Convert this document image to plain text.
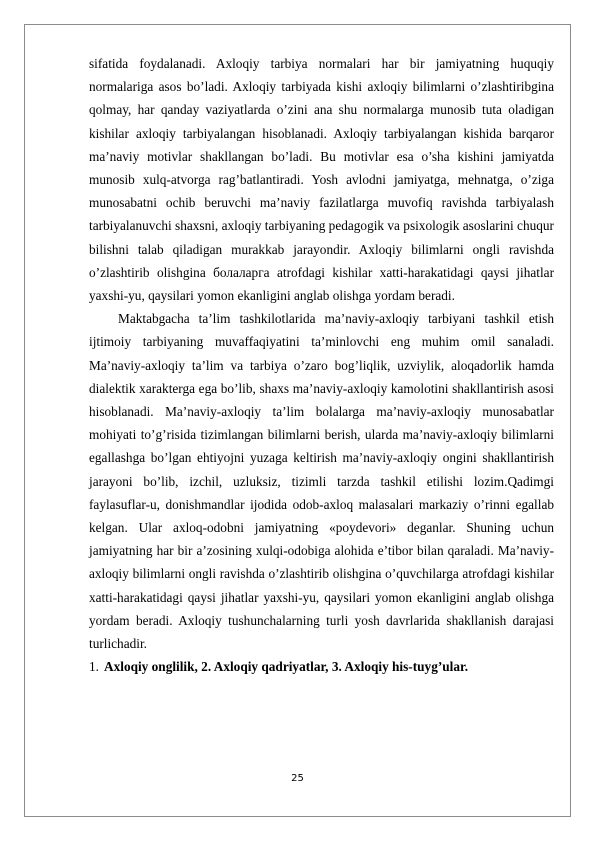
sifatida foydalanadi. Axloqiy tarbiya normalari har bir jamiyatning huquqiy normalariga asos bo’ladi. Axloqiy tarbiyada kishi axloqiy bilimlarni o’zlashtiribgina qolmay, har qanday vaziyatlarda o’zini ana shu normalarga munosib tuta oladigan kishilar axloqiy tarbiyalangan hisoblanadi. Axloqiy tarbiyalangan kishida barqaror ma’naviy motivlar shakllangan bo’ladi. Bu motivlar esa o’sha kishini jamiyatda munosib xulq-atvorga rag’batlantiradi. Yosh avlodni jamiyatga, mehnatga, o’ziga munosabatni ochib beruvchi ma’naviy fazilatlarga muvofiq ravishda tarbiyalash tarbiyalanuvchi shaxsni, axloqiy tarbiyaning pedagogik va psixologik asoslarini chuqur bilishni talab qiladigan murakkab jarayondir. Axloqiy bilimlarni ongli ravishda o’zlashtirib olishgina болаларга atrofdagi kishilar xatti-harakatidagi qaysi jihatlar yaxshi-yu, qaysilari yomon ekanligini anglab olishga yordam beradi.

Maktabgacha ta’lim tashkilotlarida ma’naviy-axloqiy tarbiyani tashkil etish ijtimoiy tarbiyaning muvaffaqiyatini ta’minlovchi eng muhim omil sanaladi. Ma’naviy-axloqiy ta’lim va tarbiya o’zaro bog’liqlik, uzviylik, aloqadorlik hamda dialektik xarakterga ega bo’lib, shaxs ma’naviy-axloqiy kamolotini shakllantirish asosi hisoblanadi. Ma’naviy-axloqiy ta’lim bolalarga ma’naviy-axloqiy munosabatlar mohiyati to’g’risida tizimlangan bilimlarni berish, ularda ma’naviy-axloqiy bilimlarni egallashga bo’lgan ehtiyojni yuzaga keltirish ma’naviy-axloqiy ongini shakllantirish jarayoni bo’lib, izchil, uzluksiz, tizimli tarzda tashkil etilishi lozim.Qadimgi faylasuflar-u, donishmandlar ijodida odob-axloq malasalari markaziy o’rinni egallab kelgan. Ular axloq-odobni jamiyatning «poydevori» deganlar. Shuning uchun jamiyatning har bir a’zosining xulqi-odobiga alohida e’tibor bilan qaraladi. Ma’naviy- axloqiy bilimlarni ongli ravishda o’zlashtirib olishgina o’quvchilarga atrofdagi kishilar xatti-harakatidagi qaysi jihatlar yaxshi-yu, qaysilari yomon ekanligini anglab olishga yordam beradi. Axloqiy tushunchalarning turli yosh davrlarida shakllanish darajasi turlichadir.

1. Axloqiy onglilik, 2. Axloqiy qadriyatlar, 3. Axloqiy his-tuyg’ular.

25
